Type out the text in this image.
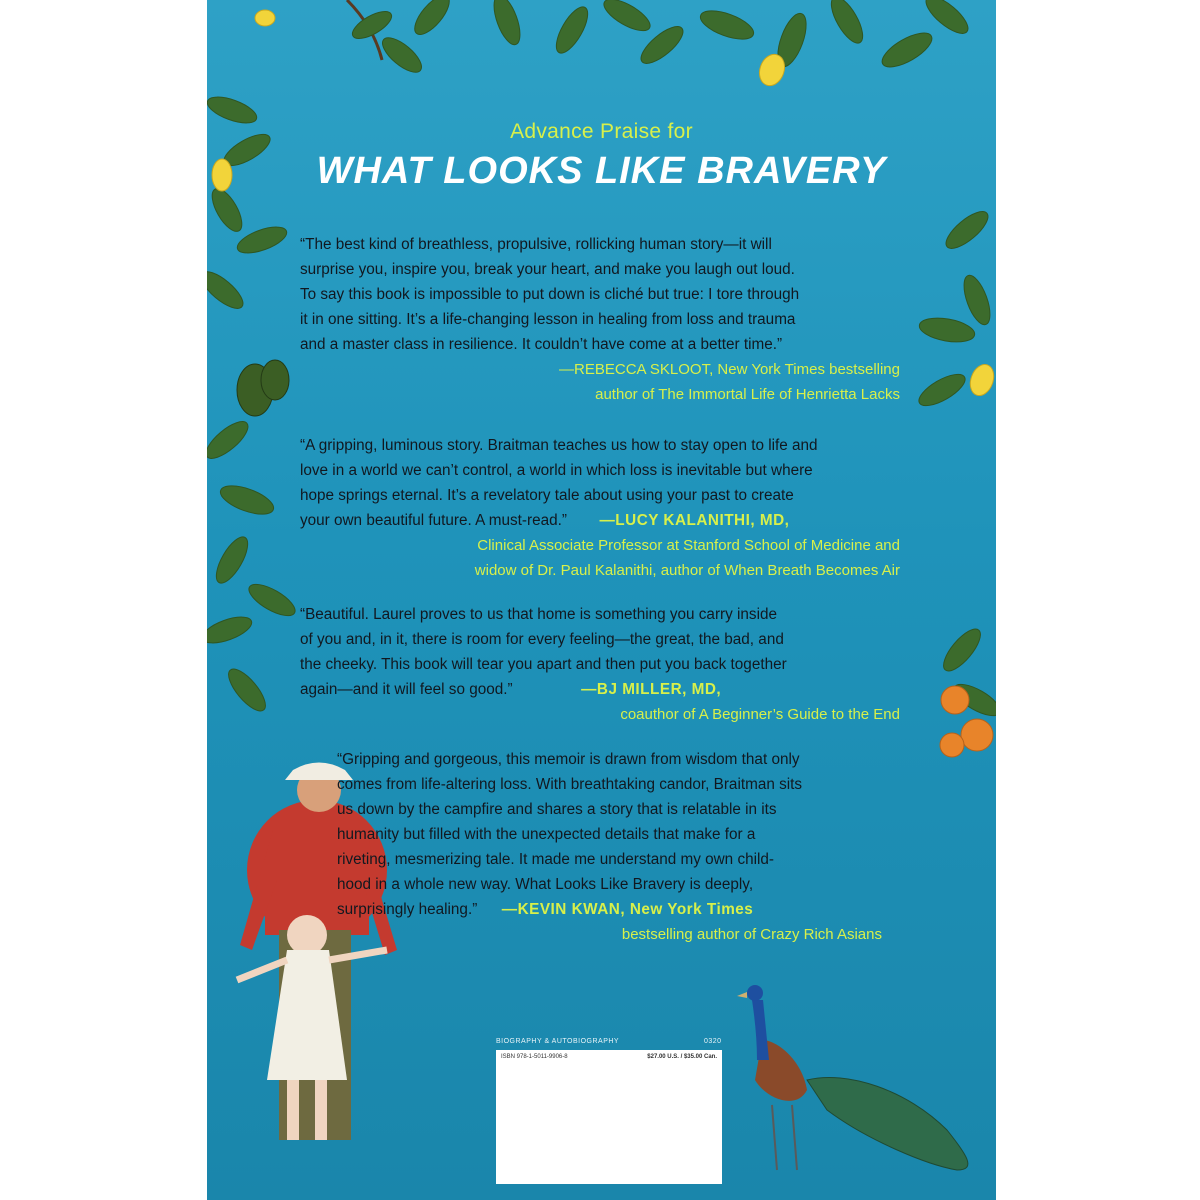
Advance Praise for
WHAT LOOKS LIKE BRAVERY
“The best kind of breathless, propulsive, rollicking human story—it will
surprise you, inspire you, break your heart, and make you laugh out loud.
To say this book is impossible to put down is cliché but true: I tore through
it in one sitting. It’s a life-changing lesson in healing from loss and trauma
and a master class in resilience. It couldn’t have come at a better time.”
—REBECCA SKLOOT, New York Times bestselling
author of The Immortal Life of Henrietta Lacks
“A gripping, luminous story. Braitman teaches us how to stay open to life and
love in a world we can’t control, a world in which loss is inevitable but where
hope springs eternal. It’s a revelatory tale about using your past to create
your own beautiful future. A must-read.” —LUCY KALANITHI, MD,
Clinical Associate Professor at Stanford School of Medicine and
widow of Dr. Paul Kalanithi, author of When Breath Becomes Air
“Beautiful. Laurel proves to us that home is something you carry inside
of you and, in it, there is room for every feeling—the great, the bad, and
the cheeky. This book will tear you apart and then put you back together
again—and it will feel so good.”	—BJ MILLER, MD,
coauthor of A Beginner’s Guide to the End
“Gripping and gorgeous, this memoir is drawn from wisdom that only
comes from life-altering loss. With breathtaking candor, Braitman sits
us down by the campfire and shares a story that is relatable in its
humanity but filled with the unexpected details that make for a
riveting, mesmerizing tale. It made me understand my own child-
hood in a whole new way. What Looks Like Bravery is deeply,
surprisingly healing.” —KEVIN KWAN, New York Times
bestselling author of Crazy Rich Asians
BIOGRAPHY & AUTOBIOGRAPHY	0320
ISBN 978-1-5011-9906-8	$27.00 U.S. / $35.00 Can.
